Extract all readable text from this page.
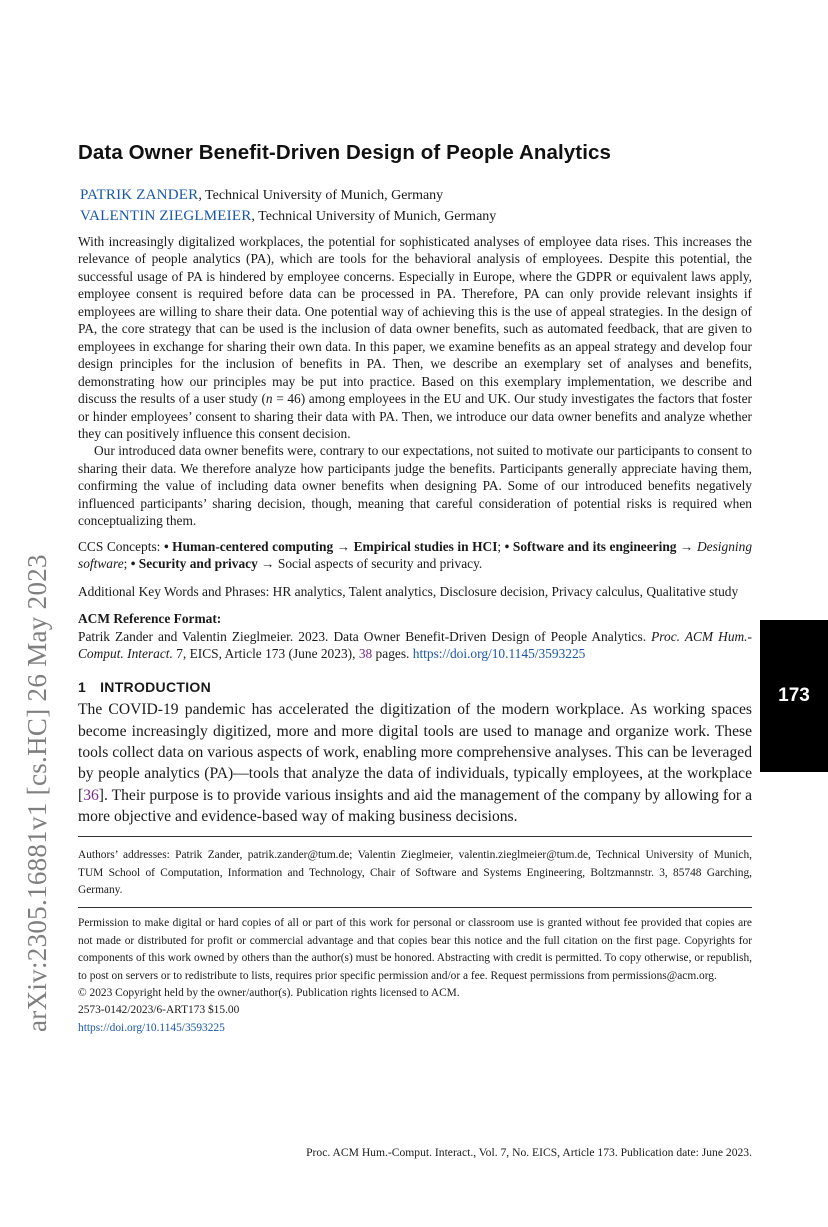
arXiv:2305.16881v1 [cs.HC] 26 May 2023	173
Data Owner Benefit-Driven Design of People Analytics
PATRIK ZANDER, Technical University of Munich, Germany
VALENTIN ZIEGLMEIER, Technical University of Munich, Germany

With increasingly digitalized workplaces, the potential for sophisticated analyses of employee data rises. This increases the relevance of people analytics (PA), which are tools for the behavioral analysis of employees. Despite this potential, the successful usage of PA is hindered by employee concerns. Especially in Europe, where the GDPR or equivalent laws apply, employee consent is required before data can be processed in PA. Therefore, PA can only provide relevant insights if employees are willing to share their data. One potential way of achieving this is the use of appeal strategies. In the design of PA, the core strategy that can be used is the inclusion of data owner benefits, such as automated feedback, that are given to employees in exchange for sharing their own data. In this paper, we examine benefits as an appeal strategy and develop four design principles for the inclusion of benefits in PA. Then, we describe an exemplary set of analyses and benefits, demonstrating how our principles may be put into practice. Based on this exemplary implementation, we describe and discuss the results of a user study (n = 46) among employees in the EU and UK. Our study investigates the factors that foster or hinder employees’ consent to sharing their data with PA. Then, we introduce our data owner benefits and analyze whether they can positively influence this consent decision.

Our introduced data owner benefits were, contrary to our expectations, not suited to motivate our participants to consent to sharing their data. We therefore analyze how participants judge the benefits. Participants generally appreciate having them, confirming the value of including data owner benefits when designing PA. Some of our introduced benefits negatively influenced participants’ sharing decision, though, meaning that careful consideration of potential risks is required when conceptualizing them.

CCS Concepts: • Human-centered computing → Empirical studies in HCI; • Software and its engineering → Designing software; • Security and privacy → Social aspects of security and privacy.
Additional Key Words and Phrases: HR analytics, Talent analytics, Disclosure decision, Privacy calculus, Qualitative study
ACM Reference Format:
Patrik Zander and Valentin Zieglmeier. 2023. Data Owner Benefit-Driven Design of People Analytics. Proc. ACM Hum.-Comput. Interact. 7, EICS, Article 173 (June 2023), 38 pages. https://doi.org/10.1145/3593225
1 INTRODUCTION

The COVID-19 pandemic has accelerated the digitization of the modern workplace. As working spaces become increasingly digitized, more and more digital tools are used to manage and organize work. These tools collect data on various aspects of work, enabling more comprehensive analyses. This can be leveraged by people analytics (PA)—tools that analyze the data of individuals, typically employees, at the workplace [36]. Their purpose is to provide various insights and aid the management of the company by allowing for a more objective and evidence-based way of making business decisions.

Authors’ addresses: Patrik Zander, patrik.zander@tum.de; Valentin Zieglmeier, valentin.zieglmeier@tum.de, Technical University of Munich, TUM School of Computation, Information and Technology, Chair of Software and Systems Engineering, Boltzmannstr. 3, 85748 Garching, Germany.

Permission to make digital or hard copies of all or part of this work for personal or classroom use is granted without fee provided that copies are not made or distributed for profit or commercial advantage and that copies bear this notice and the full citation on the first page. Copyrights for components of this work owned by others than the author(s) must be honored. Abstracting with credit is permitted. To copy otherwise, or republish, to post on servers or to redistribute to lists, requires prior specific permission and/or a fee. Request permissions from permissions@acm.org.

© 2023 Copyright held by the owner/author(s). Publication rights licensed to ACM.

2573-0142/2023/6-ART173 $15.00

https://doi.org/10.1145/3593225

Proc. ACM Hum.-Comput. Interact., Vol. 7, No. EICS, Article 173. Publication date: June 2023.
